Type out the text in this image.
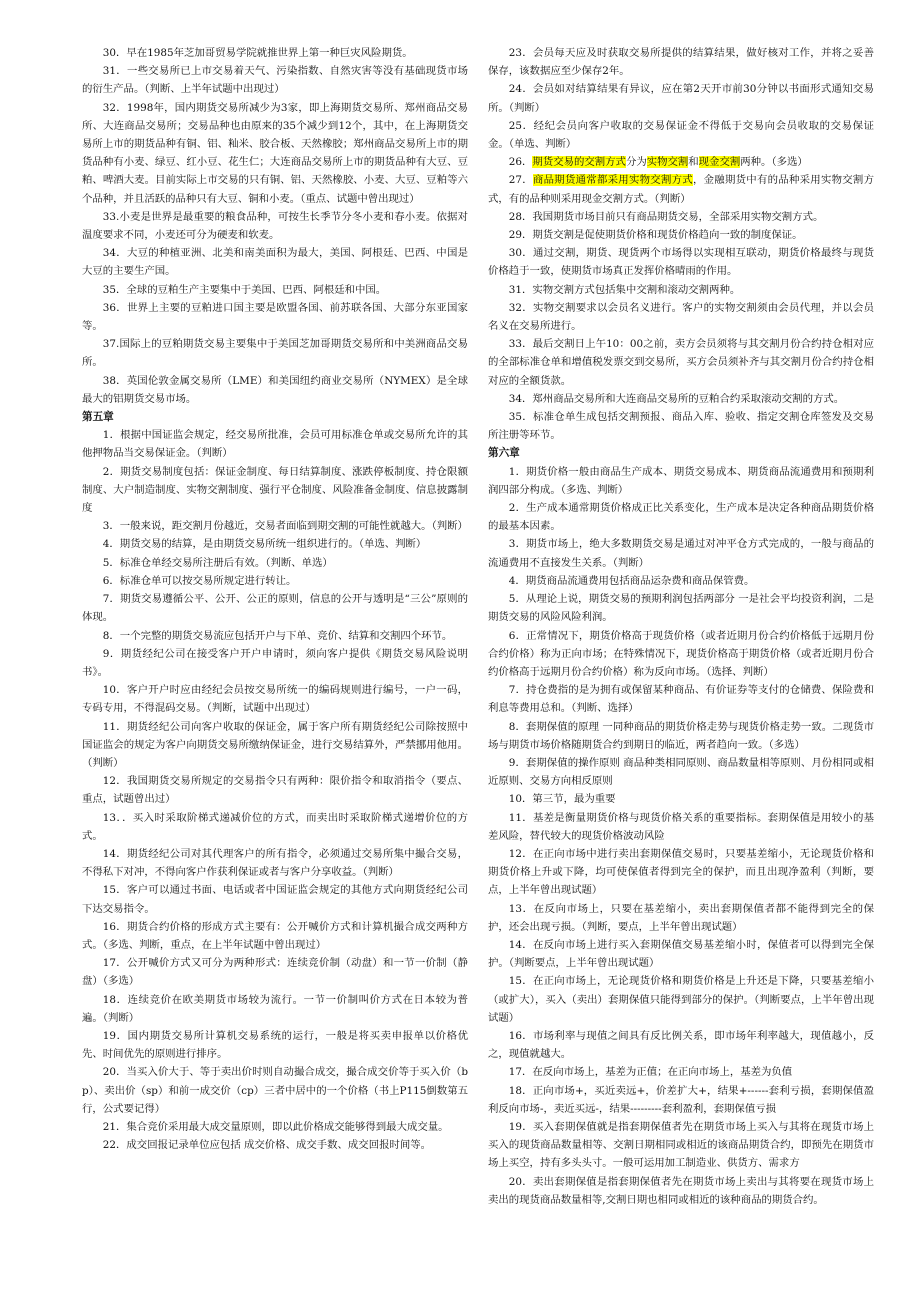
30．早在1985年芝加哥贸易学院就推世界上第一种巨灾风险期货。

31．一些交易所已上市交易着天气、污染指数、自然灾害等没有基础现货市场的衍生产品。（判断、上半年试题中出现过）

32．1998年，国内期货交易所减少为3家，即上海期货交易所、郑州商品交易所、大连商品交易所；交易品种也由原来的35个减少到12个，其中，在上海期货交易所上市的期货品种有铜、铝、籼米、胶合板、天然橡胶；郑州商品交易所上市的期货品种有小麦、绿豆、红小豆、花生仁；大连商品交易所上市的期货品种有大豆、豆粕、啤酒大麦。目前实际上市交易的只有铜、铝、天然橡胶、小麦、大豆、豆粕等六个品种，并且活跃的品种只有大豆、铜和小麦。（重点、试题中曾出现过）

33.小麦是世界是最重要的粮食品种，可按生长季节分冬小麦和春小麦。依据对温度要求不同，小麦还可分为硬麦和软麦。

34．大豆的种植亚洲、北美和南美面积为最大，美国、阿根廷、巴西、中国是大豆的主要生产国。

35．全球的豆粕生产主要集中于美国、巴西、阿根廷和中国。

36．世界上主要的豆粕进口国主要是欧盟各国、前苏联各国、大部分东亚国家等。

37.国际上的豆粕期货交易主要集中于美国芝加哥期货交易所和中美洲商品交易所。

38．英国伦敦金属交易所（LME）和美国纽约商业交易所（NYMEX）是全球最大的铝期货交易市场。

第五章

1．根据中国证监会规定，经交易所批准，会员可用标准仓单或交易所允许的其他押物品当交易保证金。（判断）

2．期货交易制度包括：保证金制度、每日结算制度、涨跌停板制度、持仓限额制度、大户制造制度、实物交割制度、强行平仓制度、风险准备金制度、信息披露制度

3．一般来说，距交割月份越近，交易者面临到期交割的可能性就越大。（判断）

4．期货交易的结算，是由期货交易所统一组织进行的。（单选、判断）

5．标准仓单经交易所注册后有效。（判断、单选）

6．标准仓单可以按交易所规定进行转让。

7．期货交易遵循公平、公开、公正的原则，信息的公开与透明是“三公”原则的体现。

8．一个完整的期货交易流应包括开户与下单、竞价、结算和交割四个环节。

9．期货经纪公司在接受客户开户申请时，须向客户提供《期货交易风险说明书》。

10．客户开户时应由经纪会员按交易所统一的编码规则进行编号，一户一码，专码专用，不得混码交易。（判断，试题中出现过）

11．期货经纪公司向客户收取的保证金，属于客户所有期货经纪公司除按照中国证监会的规定为客户向期货交易所缴纳保证金，进行交易结算外，严禁挪用他用。（判断）

12．我国期货交易所规定的交易指令只有两种：限价指令和取消指令（要点、重点，试题曾出过）

13．．买入时采取阶梯式递减价位的方式，而卖出时采取阶梯式递增价位的方式。

14．期货经纪公司对其代理客户的所有指令，必须通过交易所集中撮合交易，不得私下对冲，不得向客户作获利保证或者与客户分享收益。（判断）

15．客户可以通过书面、电话或者中国证监会规定的其他方式向期货经纪公司下达交易指令。

16．期货合约价格的形成方式主要有：公开喊价方式和计算机撮合成交两种方式。（多选、判断，重点，在上半年试题中曾出现过）

17．公开喊价方式又可分为两种形式：连续竞价制（动盘）和一节一价制（静盘）（多选）

18．连续竞价在欧美期货市场较为流行。一节一价制叫价方式在日本较为普遍。（判断）

19．国内期货交易所计算机交易系统的运行，一般是将买卖申报单以价格优先、时间优先的原则进行排序。

20．当买入价大于、等于卖出价时则自动撮合成交，撮合成交价等于买入价（bp）、卖出价（sp）和前一成交价（cp）三者中居中的一个价格（书上P115倒数第五行，公式要记得）

21．集合竞价采用最大成交量原则，即以此价格成交能够得到最大成交量。

22．成交回报记录单位应包括 成交价格、成交手数、成交回报时间等。

23．会员每天应及时获取交易所提供的结算结果，做好核对工作，并将之妥善保存，该数据应至少保存2年。

24．会员如对结算结果有异议，应在第2天开市前30分钟以书面形式通知交易所。（判断）

25．经纪会员向客户收取的交易保证金不得低于交易向会员收取的交易保证金。（单选、判断）

26．期货交易的交割方式分为实物交割和现金交割两种。（多选）

27．商品期货通常都采用实物交割方式，金融期货中有的品种采用实物交割方式，有的品种则采用现金交割方式。（判断）

28．我国期货市场目前只有商品期货交易，全部采用实物交割方式。

29．期货交割是促使期货价格和现货价格趋向一致的制度保证。

30．通过交割，期货、现货两个市场得以实现相互联动，期货价格最终与现货价格趋于一致，使期货市场真正发挥价格晴雨的作用。

31．实物交割方式包括集中交割和滚动交割两种。

32．实物交割要求以会员名义进行。客户的实物交割须由会员代理，并以会员名义在交易所进行。

33．最后交割日上午10：00之前，卖方会员须将与其交割月份合约持仓相对应的全部标准仓单和增值税发票交到交易所，买方会员须补齐与其交割月份合约持仓相对应的全额货款。

34．郑州商品交易所和大连商品交易所的豆粕合约采取滚动交割的方式。

35．标准仓单生成包括交割预报、商品入库、验收、指定交割仓库签发及交易所注册等环节。

第六章

1．期货价格一般由商品生产成本、期货交易成本、期货商品流通费用和预期利润四部分构成。（多选、判断）

2．生产成本通常期货价格成正比关系变化，生产成本是决定各种商品期货价格的最基本因素。

3．期货市场上，绝大多数期货交易是通过对冲平仓方式完成的，一般与商品的流通费用不直接发生关系。（判断）

4．期货商品流通费用包括商品运杂费和商品保管费。

5．从理论上说，期货交易的预期利润包括两部分 一是社会平均投资利润，二是期货交易的风险风险利润。

6．正常情况下，期货价格高于现货价格（或者近期月份合约价格低于远期月份合约价格）称为正向市场；在特殊情况下，现货价格高于期货价格（或者近期月份合约价格高于远期月份合约价格）称为反向市场。（选择、判断）

7．持仓费指的是为拥有或保留某种商品、有价证券等支付的仓储费、保险费和利息等费用总和。（判断、选择）

8．套期保值的原理 一同种商品的期货价格走势与现货价格走势一致。二现货市场与期货市场价格随期货合约到期日的临近，两者趋向一致。（多选）

9．套期保值的操作原则 商品种类相同原则、商品数量相等原则、月份相同或相近原则、交易方向相反原则

10．第三节，最为重要

11．基差是衡量期货价格与现货价格关系的重要指标。套期保值是用较小的基差风险，替代较大的现货价格波动风险

12．在正向市场中进行卖出套期保值交易时，只要基差缩小，无论现货价格和期货价格上升或下降，均可使保值者得到完全的保护，而且出现净盈利（判断，要点，上半年曾出现试题）

13．在反向市场上，只要在基差缩小，卖出套期保值者都不能得到完全的保护，还会出现亏损。（判断，要点，上半年曾出现试题）

14．在反向市场上进行买入套期保值交易基差缩小时，保值者可以得到完全保护。（判断要点，上半年曾出现试题）

15．在正向市场上，无论现货价格和期货价格是上升还是下降，只要基差缩小（或扩大），买入（卖出）套期保值只能得到部分的保护。（判断要点，上半年曾出现试题）

16．市场利率与现值之间具有反比例关系，即市场年利率越大，现值越小，反之，现值就越大。

17．在反向市场上，基差为正值；在正向市场上，基差为负值

18．正向市场+，买近卖远+，价差扩大+，结果+------套利亏损，套期保值盈利反向市场-，卖近买远-，结果---------套利盈利，套期保值亏损

19．买入套期保值就是指套期保值者先在期货市场上买入与其将在现货市场上买入的现货商品数量相等、交割日期相同或相近的该商品期货合约，即预先在期货市场上买空，持有多头头寸。一般可运用加工制造业、供货方、需求方

20．卖出套期保值是指套期保值者先在期货市场上卖出与其将要在现货市场上卖出的现货商品数量相等,交割日期也相同或相近的该种商品的期货合约。
